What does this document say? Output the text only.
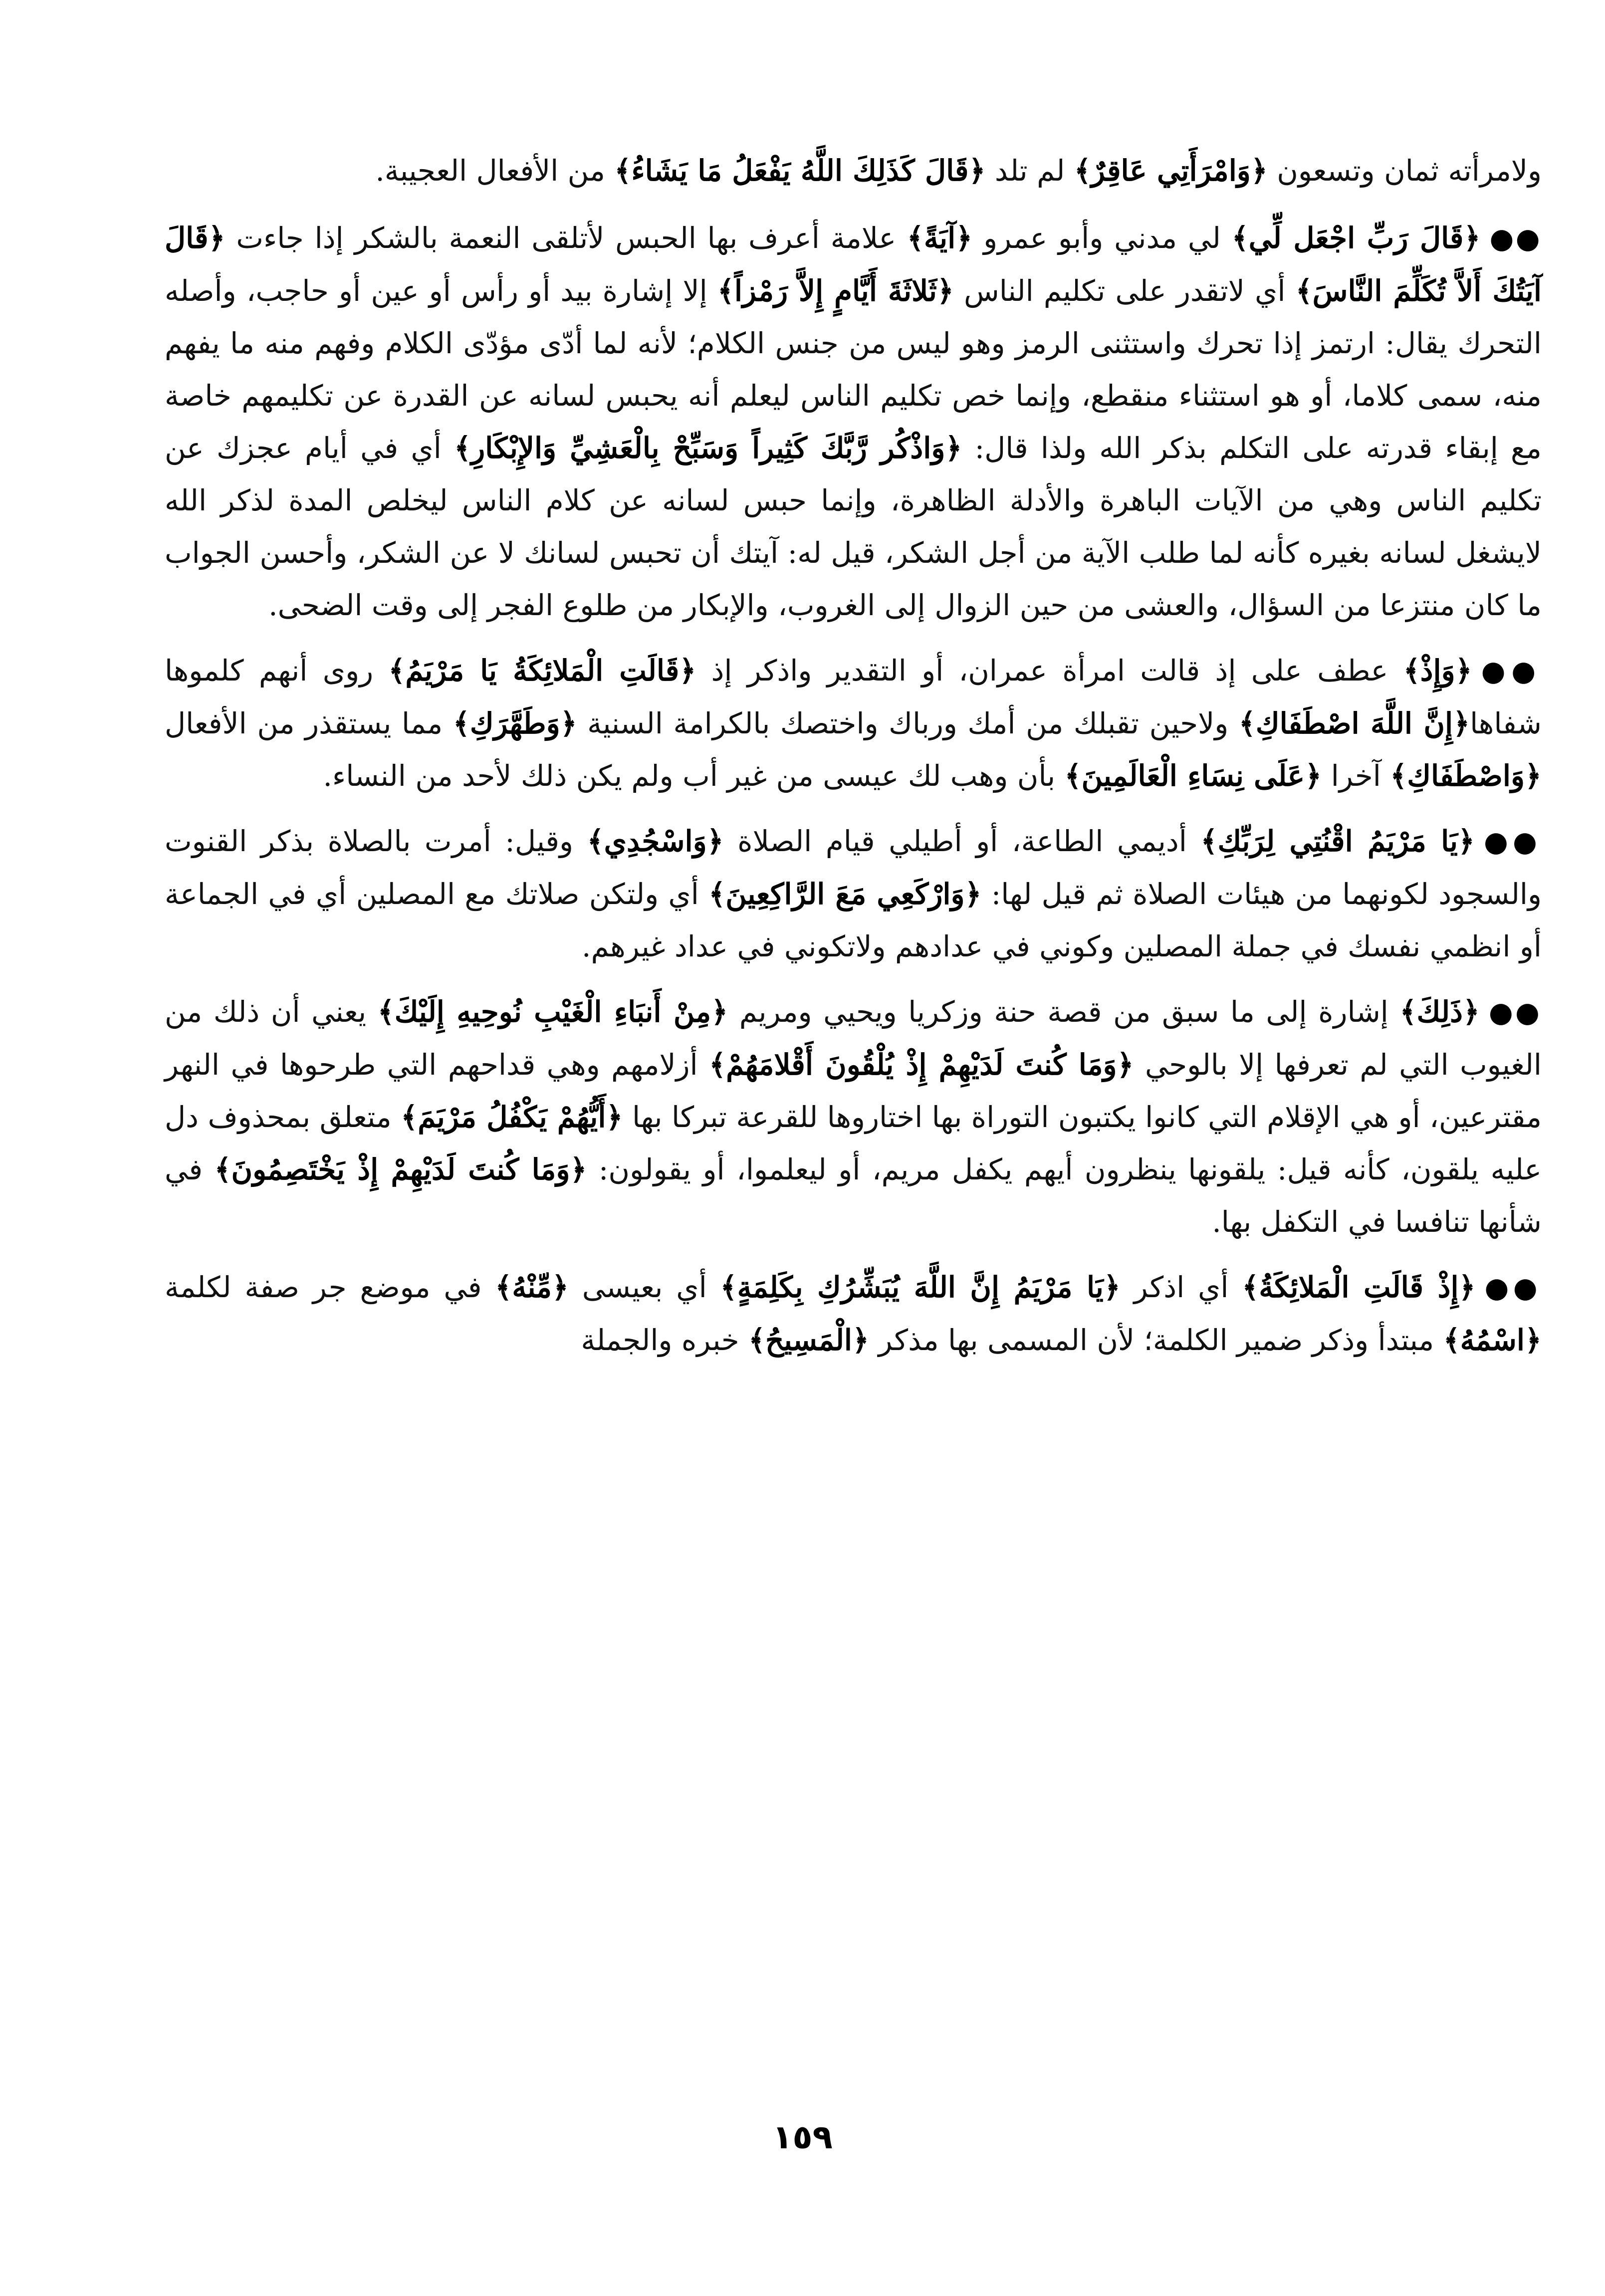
ولامرأته ثمان وتسعون ﴿وَامْرَأَتِي عَاقِرٌ﴾ لم تلد ﴿قَالَ كَذَلِكَ اللَّهُ يَفْعَلُ مَا يَشَاءُ﴾ من الأفعال العجيبة.

●●﴿قَالَ رَبِّ اجْعَل لِّي﴾ لي مدني وأبو عمرو ﴿آيَةً﴾ علامة أعرف بها الحبس لأتلقى النعمة بالشكر إذا جاءت ﴿قَالَ آيَتُكَ أَلاَّ تُكَلِّمَ النَّاسَ﴾ أي لاتقدر على تكليم الناس ﴿ثَلاثَةَ أَيَّامٍ إِلاَّ رَمْزاً﴾ إلا إشارة بيد أو رأس أو عين أو حاجب، وأصله التحرك يقال: ارتمز إذا تحرك واستثنى الرمز وهو ليس من جنس الكلام؛ لأنه لما أدّى مؤدّى الكلام وفهم منه ما يفهم منه، سمى كلاما، أو هو استثناء منقطع، وإنما خص تكليم الناس ليعلم أنه يحبس لسانه عن القدرة عن تكليمهم خاصة مع إبقاء قدرته على التكلم بذكر الله ولذا قال: ﴿وَاذْكُر رَّبَّكَ كَثِيراً وَسَبِّحْ بِالْعَشِيِّ وَالإِبْكَارِ﴾ أي في أيام عجزك عن تكليم الناس وهي من الآيات الباهرة والأدلة الظاهرة، وإنما حبس لسانه عن كلام الناس ليخلص المدة لذكر الله لايشغل لسانه بغيره كأنه لما طلب الآية من أجل الشكر، قيل له: آيتك أن تحبس لسانك لا عن الشكر، وأحسن الجواب ما كان منتزعا من السؤال، والعشى من حين الزوال إلى الغروب، والإبكار من طلوع الفجر إلى وقت الضحى.

●●﴿وَإِذْ﴾ عطف على إذ قالت امرأة عمران، أو التقدير واذكر إذ ﴿قَالَتِ الْمَلائِكَةُ يَا مَرْيَمُ﴾ روى أنهم كلموها شفاها﴿إِنَّ اللَّهَ اصْطَفَاكِ﴾ ولاحين تقبلك من أمك ورباك واختصك بالكرامة السنية ﴿وَطَهَّرَكِ﴾ مما يستقذر من الأفعال ﴿وَاصْطَفَاكِ﴾ آخرا ﴿عَلَى نِسَاءِ الْعَالَمِينَ﴾ بأن وهب لك عيسى من غير أب ولم يكن ذلك لأحد من النساء.

●●﴿يَا مَرْيَمُ اقْنُتِي لِرَبِّكِ﴾ أديمي الطاعة، أو أطيلي قيام الصلاة ﴿وَاسْجُدِي﴾ وقيل: أمرت بالصلاة بذكر القنوت والسجود لكونهما من هيئات الصلاة ثم قيل لها: ﴿وَارْكَعِي مَعَ الرَّاكِعِينَ﴾ أي ولتكن صلاتك مع المصلين أي في الجماعة أو انظمي نفسك في جملة المصلين وكوني في عدادهم ولاتكوني في عداد غيرهم.

●●﴿ذَلِكَ﴾ إشارة إلى ما سبق من قصة حنة وزكريا ويحيي ومريم ﴿مِنْ أَنبَاءِ الْغَيْبِ نُوحِيهِ إِلَيْكَ﴾ يعني أن ذلك من الغيوب التي لم تعرفها إلا بالوحي ﴿وَمَا كُنتَ لَدَيْهِمْ إِذْ يُلْقُونَ أَقْلامَهُمْ﴾ أزلامهم وهي قداحهم التي طرحوها في النهر مقترعين، أو هي الإقلام التي كانوا يكتبون التوراة بها اختاروها للقرعة تبركا بها ﴿أَيُّهُمْ يَكْفُلُ مَرْيَمَ﴾ متعلق بمحذوف دل عليه يلقون، كأنه قيل: يلقونها ينظرون أيهم يكفل مريم، أو ليعلموا، أو يقولون: ﴿وَمَا كُنتَ لَدَيْهِمْ إِذْ يَخْتَصِمُونَ﴾ في شأنها تنافسا في التكفل بها.

●●﴿إِذْ قَالَتِ الْمَلائِكَةُ﴾ أي اذكر ﴿يَا مَرْيَمُ إِنَّ اللَّهَ يُبَشِّرُكِ بِكَلِمَةٍ﴾ أي بعيسى ﴿مِّنْهُ﴾ في موضع جر صفة لكلمة ﴿اسْمُهُ﴾ مبتدأ وذكر ضمير الكلمة؛ لأن المسمى بها مذكر ﴿الْمَسِيحُ﴾ خبره والجملة

١٥٩
